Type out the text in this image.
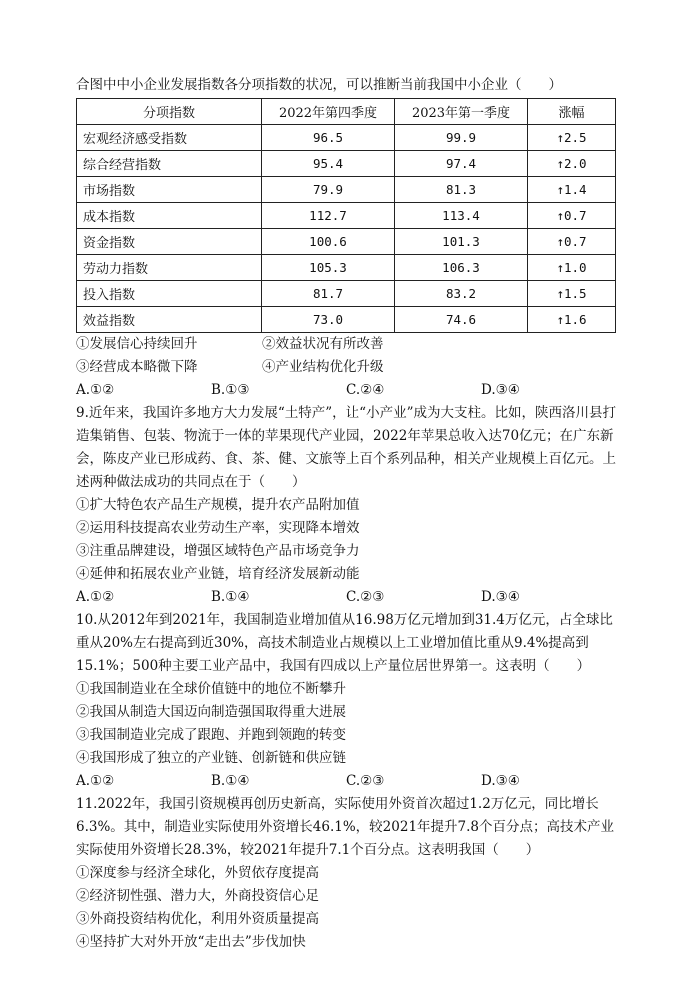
合图中中小企业发展指数各分项指数的状况，可以推断当前我国中小企业（　　）
分项指数	2022年第四季度	2023年第一季度	涨幅
宏观经济感受指数	96.5	99.9	↑2.5
综合经营指数	95.4	97.4	↑2.0
市场指数	79.9	81.3	↑1.4
成本指数	112.7	113.4	↑0.7
资金指数	100.6	101.3	↑0.7
劳动力指数	105.3	106.3	↑1.0
投入指数	81.7	83.2	↑1.5
效益指数	73.0	74.6	↑1.6
①发展信心持续回升	②效益状况有所改善
③经营成本略微下降	④产业结构优化升级
A.①②	B.①③	C.②④	D.③④
9.近年来，我国许多地方大力发展“土特产”，让“小产业”成为大支柱。比如，陕西洛川县打造集销售、包装、物流于一体的苹果现代产业园，2022年苹果总收入达70亿元；在广东新会，陈皮产业已形成药、食、茶、健、文旅等上百个系列品种，相关产业规模上百亿元。上述两种做法成功的共同点在于（　　）
①扩大特色农产品生产规模，提升农产品附加值
②运用科技提高农业劳动生产率，实现降本增效
③注重品牌建设，增强区域特色产品市场竞争力
④延伸和拓展农业产业链，培育经济发展新动能
A.①②	B.①④	C.②③	D.③④
10.从2012年到2021年，我国制造业增加值从16.98万亿元增加到31.4万亿元，占全球比重从20%左右提高到近30%，高技术制造业占规模以上工业增加值比重从9.4%提高到15.1%；500种主要工业产品中，我国有四成以上产量位居世界第一。这表明（　　）
①我国制造业在全球价值链中的地位不断攀升
②我国从制造大国迈向制造强国取得重大进展
③我国制造业完成了跟跑、并跑到领跑的转变
④我国形成了独立的产业链、创新链和供应链
A.①②	B.①④	C.②③	D.③④
11.2022年，我国引资规模再创历史新高，实际使用外资首次超过1.2万亿元，同比增长6.3%。其中，制造业实际使用外资增长46.1%，较2021年提升7.8个百分点；高技术产业实际使用外资增长28.3%，较2021年提升7.1个百分点。这表明我国（　　）
①深度参与经济全球化，外贸依存度提高
②经济韧性强、潜力大，外商投资信心足
③外商投资结构优化，利用外资质量提高
④坚持扩大对外开放“走出去”步伐加快
